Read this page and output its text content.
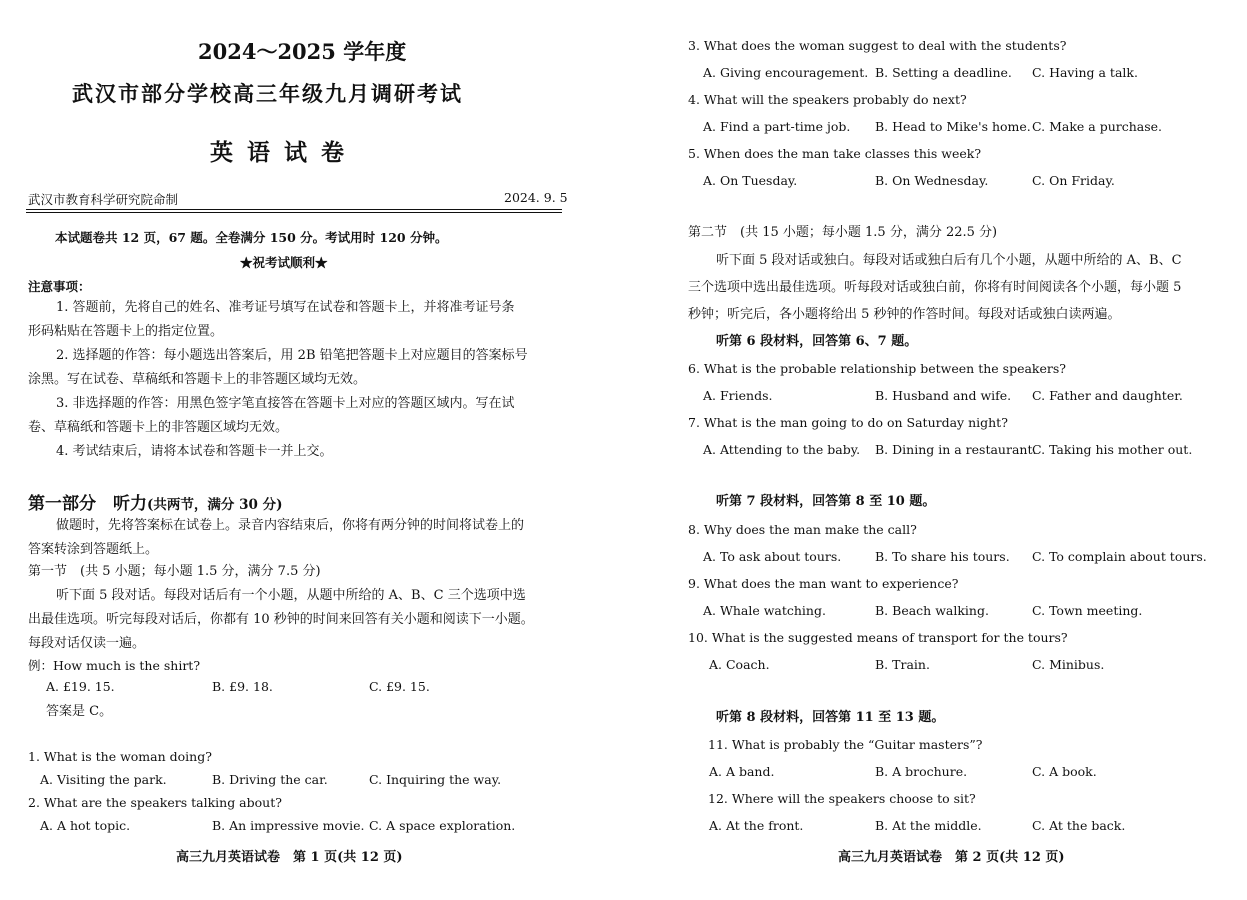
2024～2025 学年度
武汉市部分学校高三年级九月调研考试
英语试卷
武汉市教育科学研究院命制	2024. 9. 5
本试题卷共 12 页，67 题。全卷满分 150 分。考试用时 120 分钟。
★祝考试顺利★
注意事项：
1. 答题前，先将自己的姓名、准考证号填写在试卷和答题卡上，并将准考证号条
形码粘贴在答题卡上的指定位置。
2. 选择题的作答：每小题选出答案后，用 2B 铅笔把答题卡上对应题目的答案标号
涂黑。写在试卷、草稿纸和答题卡上的非答题区域均无效。
3. 非选择题的作答：用黑色签字笔直接答在答题卡上对应的答题区域内。写在试
卷、草稿纸和答题卡上的非答题区域均无效。
4. 考试结束后，请将本试卷和答题卡一并上交。
第一部分　听力(共两节，满分 30 分)
做题时，先将答案标在试卷上。录音内容结束后，你将有两分钟的时间将试卷上的
答案转涂到答题纸上。
第一节　(共 5 小题；每小题 1.5 分，满分 7.5 分)
听下面 5 段对话。每段对话后有一个小题，从题中所给的 A、B、C 三个选项中选
出最佳选项。听完每段对话后，你都有 10 秒钟的时间来回答有关小题和阅读下一小题。
每段对话仅读一遍。
例：How much is the shirt?
A. £19. 15.	B. £9. 18.	C. £9. 15.
答案是 C。
1. What is the woman doing?
A. Visiting the park.	B. Driving the car.	C. Inquiring the way.
2. What are the speakers talking about?
A. A hot topic.	B. An impressive movie. C. A space exploration.
高三九月英语试卷　第 1 页(共 12 页)
3. What does the woman suggest to deal with the students?
A. Giving encouragement. B. Setting a deadline. C. Having a talk.
4. What will the speakers probably do next?
A. Find a part-time job. B. Head to Mike's home. C. Make a purchase.
5. When does the man take classes this week?
A. On Tuesday.	B. On Wednesday.	C. On Friday.
第二节　(共 15 小题；每小题 1.5 分，满分 22.5 分)
听下面 5 段对话或独白。每段对话或独白后有几个小题，从题中所给的 A、B、C
三个选项中选出最佳选项。听每段对话或独白前，你将有时间阅读各个小题，每小题 5
秒钟；听完后，各小题将给出 5 秒钟的作答时间。每段对话或独白读两遍。
听第 6 段材料，回答第 6、7 题。
6. What is the probable relationship between the speakers?
A. Friends.	B. Husband and wife. C. Father and daughter.
7. What is the man going to do on Saturday night?
A. Attending to the baby. B. Dining in a restaurant.
C. Taking his mother out.
听第 7 段材料，回答第 8 至 10 题。
8. Why does the man make the call?
A. To ask about tours.	B. To share his tours. C. To complain about tours.
9. What does the man want to experience?
A. Whale watching.	B. Beach walking.	C. Town meeting.
10. What is the suggested means of transport for the tours?
A. Coach.	B. Train.	C. Minibus.
听第 8 段材料，回答第 11 至 13 题。
11. What is probably the “Guitar masters”?
A. A band.	B. A brochure.	C. A book.
12. Where will the speakers choose to sit?
A. At the front.	B. At the middle.	C. At the back.
高三九月英语试卷　第 2 页(共 12 页)
